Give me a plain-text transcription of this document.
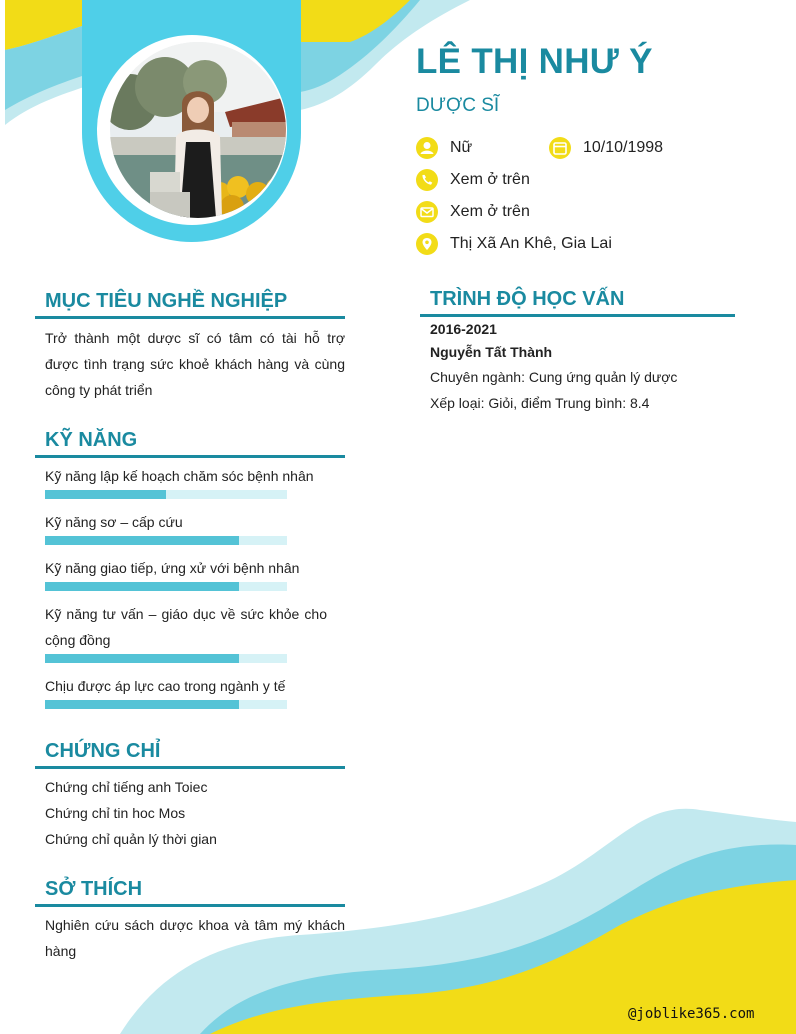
LÊ THỊ NHƯ Ý
DƯỢC SĨ
Nữ	10/10/1998
Xem ở trên
Xem ở trên
Thị Xã An Khê, Gia Lai
MỤC TIÊU NGHỀ NGHIỆP
Trở thành một dược sĩ có tâm có tài hỗ trợ được tình trạng sức khoẻ khách hàng và cùng công ty phát triển
KỸ NĂNG
Kỹ năng lập kế hoạch chăm sóc bệnh nhân
Kỹ năng sơ – cấp cứu
Kỹ năng giao tiếp, ứng xử với bệnh nhân
Kỹ năng tư vấn – giáo dục về sức khỏe cho cộng đồng
Chịu được áp lực cao trong ngành y tế
CHỨNG CHỈ
Chứng chỉ tiếng anh Toiec
Chứng chỉ tin hoc Mos
Chứng chỉ quản lý thời gian
SỞ THÍCH
Nghiên cứu sách dược khoa và tâm mý khách hàng
TRÌNH ĐỘ HỌC VẤN
2016-2021
Nguyễn Tất Thành
Chuyên ngành: Cung ứng quản lý dược
Xếp loại: Giỏi, điểm Trung bình: 8.4
@joblike365.com
